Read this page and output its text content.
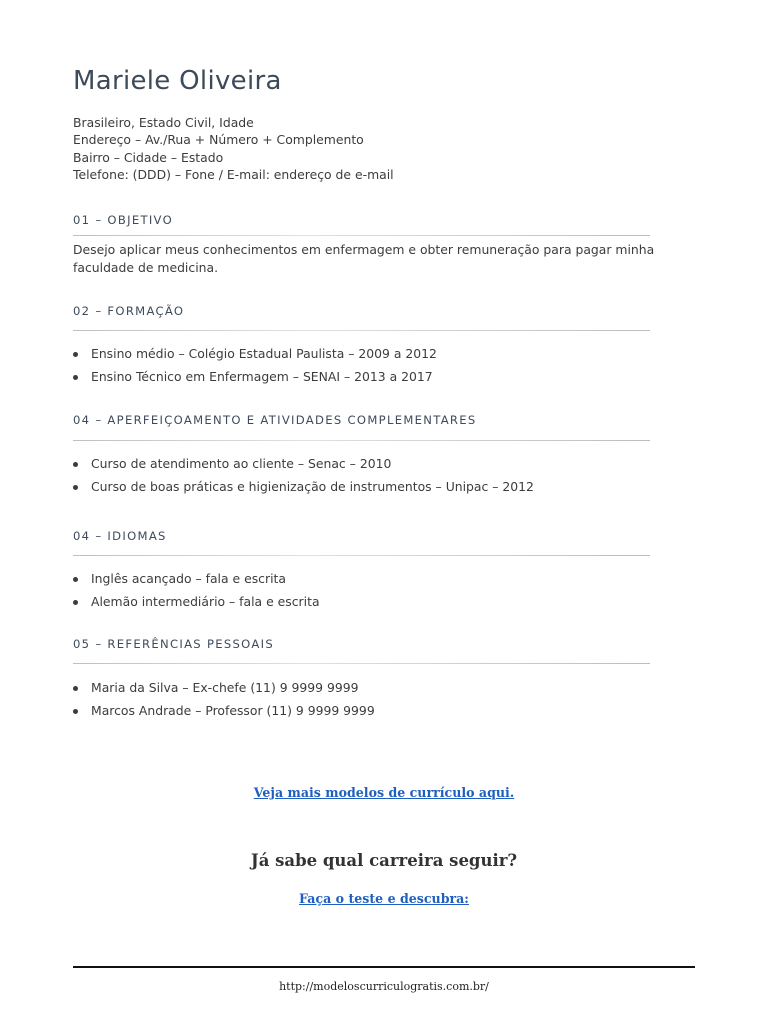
Mariele Oliveira
Brasileiro, Estado Civil, Idade
Endereço – Av./Rua + Número + Complemento
Bairro – Cidade – Estado
Telefone: (DDD) – Fone / E-mail: endereço de e-mail
01 – OBJETIVO
Desejo aplicar meus conhecimentos em enfermagem e obter remuneração para pagar minha faculdade de medicina.
02 – FORMAÇÃO
Ensino médio – Colégio Estadual Paulista – 2009 a 2012
Ensino Técnico em Enfermagem – SENAI – 2013 a 2017
04 – APERFEIÇOAMENTO E ATIVIDADES COMPLEMENTARES
Curso de atendimento ao cliente – Senac – 2010
Curso de boas práticas e higienização de instrumentos – Unipac – 2012
04 – IDIOMAS
Inglês acançado – fala e escrita
Alemão intermediário – fala e escrita
05 – REFERÊNCIAS PESSOAIS
Maria da Silva – Ex-chefe (11) 9 9999 9999
Marcos Andrade – Professor (11) 9 9999 9999
Veja mais modelos de currículo aqui.
Já sabe qual carreira seguir?
Faça o teste e descubra:
http://modeloscurriculogratis.com.br/
